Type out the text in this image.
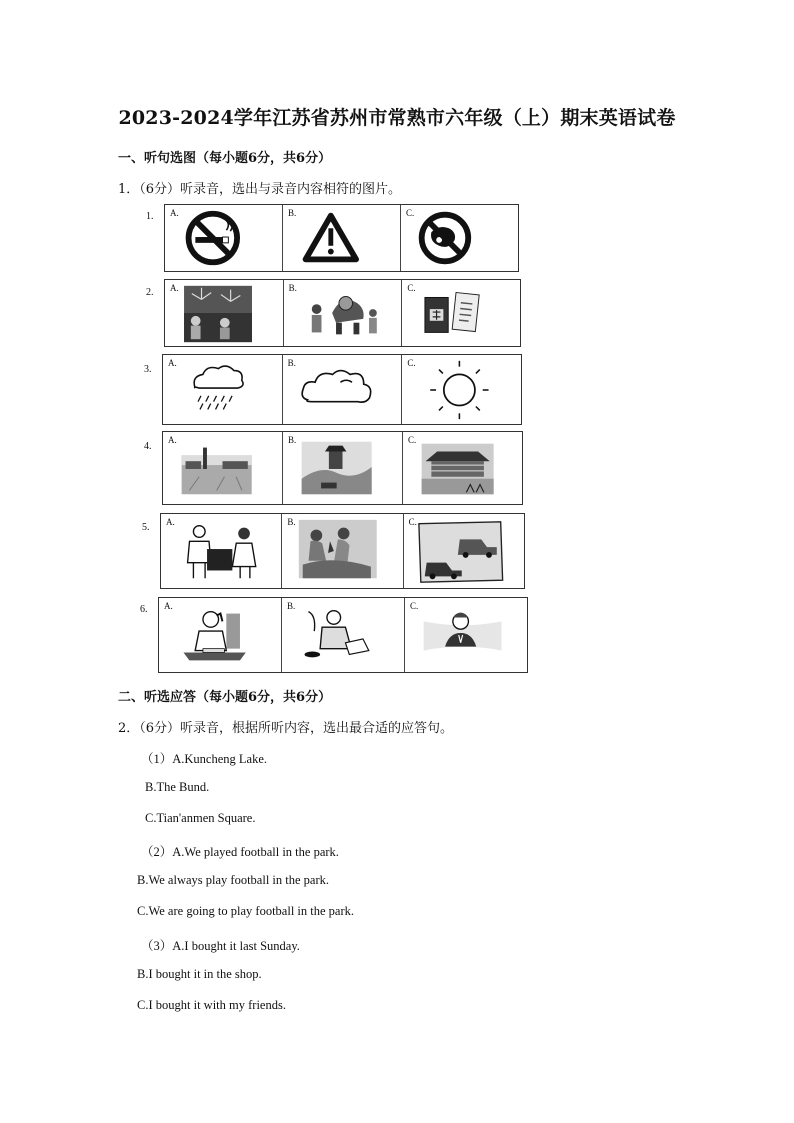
2023-2024学年江苏省苏州市常熟市六年级（上）期末英语试卷
一、听句选图（每小题6分，共6分）
1．（6分）听录音，选出与录音内容相符的图片。
1. A.	B.	C.
2. A.	B.	C.
3.
A.	B.	C.
4.
A.	B.	C.
5. A.	B.	C.
6. A.	B.	C.
二、听选应答（每小题6分，共6分）
2．（6分）听录音，根据所听内容，选出最合适的应答句。
（1）A.Kuncheng Lake.
B.The Bund.
C.Tian'anmen Square.
（2）A.We played football in the park.
B.We always play football in the park.
C.We are going to play football in the park.
（3）A.I bought it last Sunday.
B.I bought it in the shop.
C.I bought it with my friends.
